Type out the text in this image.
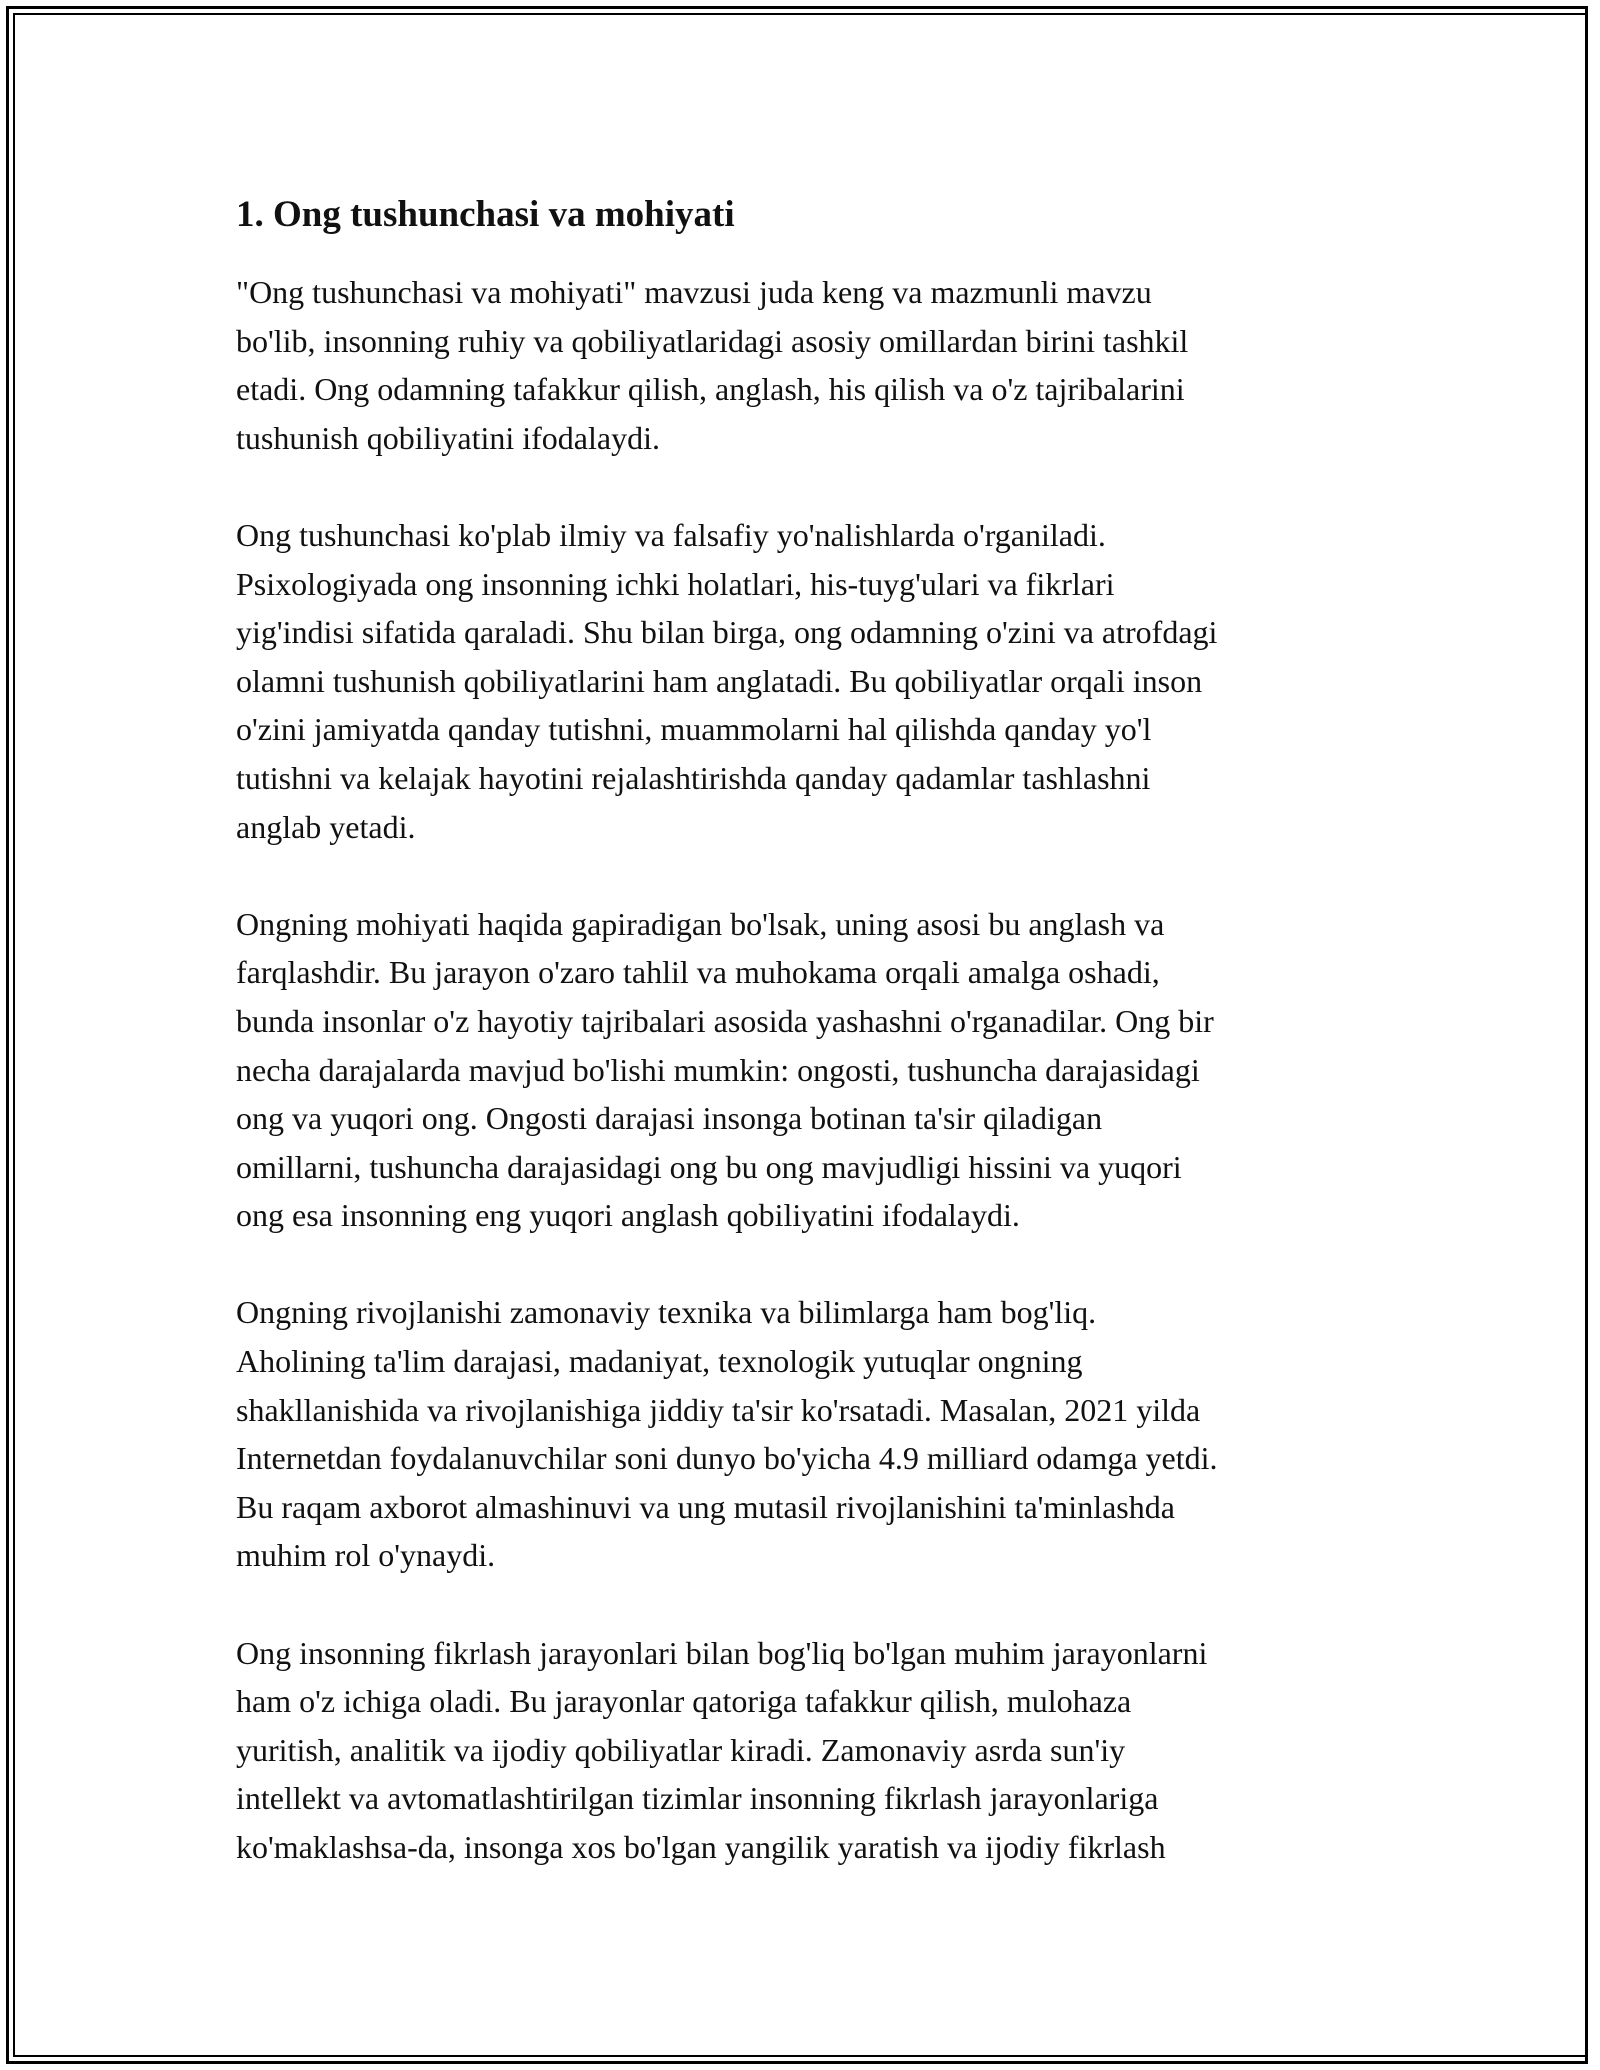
1. Ong tushunchasi va mohiyati

"Ong tushunchasi va mohiyati" mavzusi juda keng va mazmunli mavzu
bo'lib, insonning ruhiy va qobiliyatlaridagi asosiy omillardan birini tashkil
etadi. Ong odamning tafakkur qilish, anglash, his qilish va o'z tajribalarini
tushunish qobiliyatini ifodalaydi.

Ong tushunchasi ko'plab ilmiy va falsafiy yo'nalishlarda o'rganiladi.
Psixologiyada ong insonning ichki holatlari, his-tuyg'ulari va fikrlari
yig'indisi sifatida qaraladi. Shu bilan birga, ong odamning o'zini va atrofdagi
olamni tushunish qobiliyatlarini ham anglatadi. Bu qobiliyatlar orqali inson
o'zini jamiyatda qanday tutishni, muammolarni hal qilishda qanday yo'l
tutishni va kelajak hayotini rejalashtirishda qanday qadamlar tashlashni
anglab yetadi.

Ongning mohiyati haqida gapiradigan bo'lsak, uning asosi bu anglash va
farqlashdir. Bu jarayon o'zaro tahlil va muhokama orqali amalga oshadi,
bunda insonlar o'z hayotiy tajribalari asosida yashashni o'rganadilar. Ong bir
necha darajalarda mavjud bo'lishi mumkin: ongosti, tushuncha darajasidagi
ong va yuqori ong. Ongosti darajasi insonga botinan ta'sir qiladigan
omillarni, tushuncha darajasidagi ong bu ong mavjudligi hissini va yuqori
ong esa insonning eng yuqori anglash qobiliyatini ifodalaydi.

Ongning rivojlanishi zamonaviy texnika va bilimlarga ham bog'liq.
Aholining ta'lim darajasi, madaniyat, texnologik yutuqlar ongning
shakllanishida va rivojlanishiga jiddiy ta'sir ko'rsatadi. Masalan, 2021 yilda
Internetdan foydalanuvchilar soni dunyo bo'yicha 4.9 milliard odamga yetdi.
Bu raqam axborot almashinuvi va ung mutasil rivojlanishini ta'minlashda
muhim rol o'ynaydi.

Ong insonning fikrlash jarayonlari bilan bog'liq bo'lgan muhim jarayonlarni
ham o'z ichiga oladi. Bu jarayonlar qatoriga tafakkur qilish, mulohaza
yuritish, analitik va ijodiy qobiliyatlar kiradi. Zamonaviy asrda sun'iy
intellekt va avtomatlashtirilgan tizimlar insonning fikrlash jarayonlariga
ko'maklashsa-da, insonga xos bo'lgan yangilik yaratish va ijodiy fikrlash
